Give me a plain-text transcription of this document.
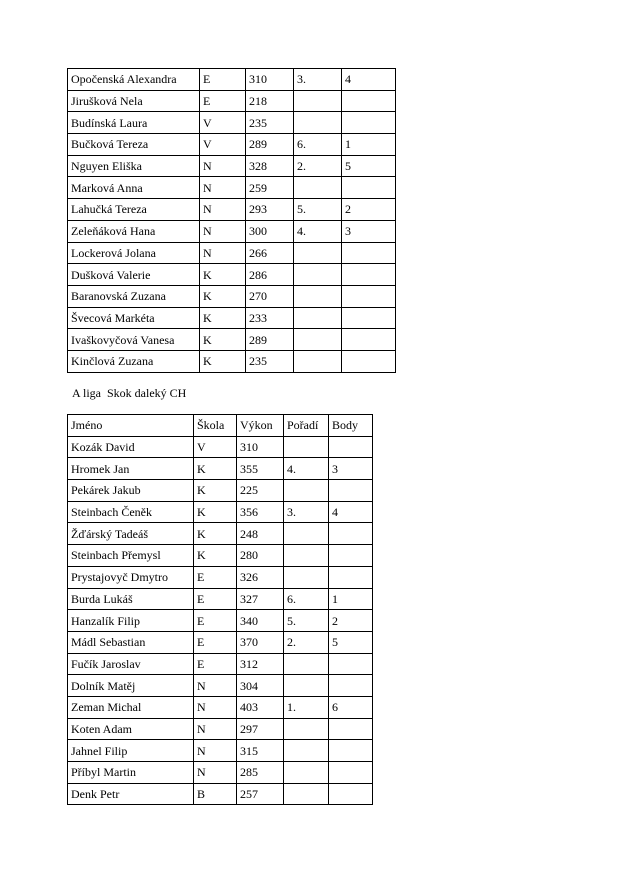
Opočenská Alexandra	E	310	3.	4
Jirušková Nela	E	218		
Budínská Laura	V	235		
Bučková Tereza	V	289	6.	1
Nguyen Eliška	N	328	2.	5
Marková Anna	N	259		
Lahučká Tereza	N	293	5.	2
Zeleňáková Hana	N	300	4.	3
Lockerová Jolana	N	266		
Dušková Valerie	K	286		
Baranovská Zuzana	K	270		
Švecová Markéta	K	233		
Ivaškovyčová Vanesa	K	289		
Kinčlová Zuzana	K	235		
A liga  Skok daleký CH
Jméno	Škola	Výkon	Pořadí	Body
Kozák David	V	310		
Hromek Jan	K	355	4.	3
Pekárek Jakub	K	225		
Steinbach Čeněk	K	356	3.	4
Žďárský Tadeáš	K	248		
Steinbach Přemysl	K	280		
Prystajovyč Dmytro	E	326		
Burda Lukáš	E	327	6.	1
Hanzalík Filip	E	340	5.	2
Mádl Sebastian	E	370	2.	5
Fučík Jaroslav	E	312		
Dolník Matěj	N	304		
Zeman Michal	N	403	1.	6
Koten Adam	N	297		
Jahnel Filip	N	315		
Příbyl Martin	N	285		
Denk Petr	B	257		
